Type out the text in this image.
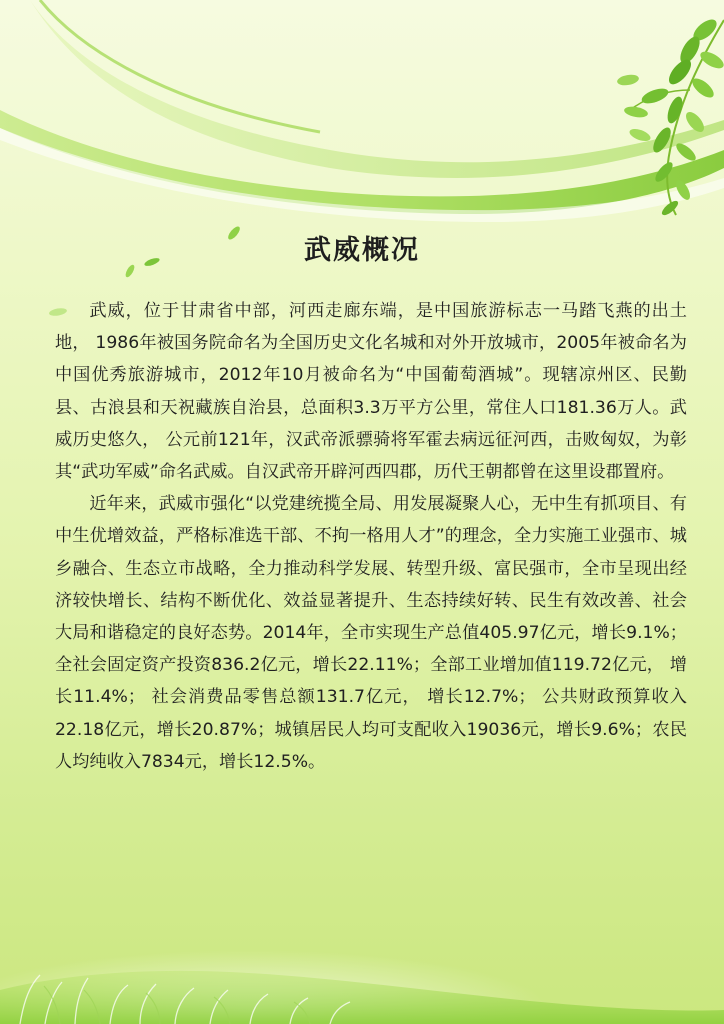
武威概况

武威，位于甘肃省中部，河西走廊东端，是中国旅游标志一马踏飞燕的出土地， 1986年被国务院命名为全国历史文化名城和对外开放城市，2005年被命名为中国优秀旅游城市，2012年10月被命名为“中国葡萄酒城”。现辖凉州区、民勤县、古浪县和天祝藏族自治县，总面积3.3万平方公里，常住人口181.36万人。武威历史悠久， 公元前121年，汉武帝派骠骑将军霍去病远征河西，击败匈奴，为彰其“武功军威”命名武威。自汉武帝开辟河西四郡，历代王朝都曾在这里设郡置府。

近年来，武威市强化“以党建统揽全局、用发展凝聚人心，无中生有抓项目、有中生优增效益，严格标准选干部、不拘一格用人才”的理念，全力实施工业强市、城乡融合、生态立市战略，全力推动科学发展、转型升级、富民强市，全市呈现出经济较快增长、结构不断优化、效益显著提升、生态持续好转、民生有效改善、社会大局和谐稳定的良好态势。2014年，全市实现生产总值405.97亿元，增长9.1%；全社会固定资产投资836.2亿元，增长22.11%；全部工业增加值119.72亿元， 增长11.4%； 社会消费品零售总额131.7亿元， 增长12.7%； 公共财政预算收入22.18亿元，增长20.87%；城镇居民人均可支配收入19036元，增长9.6%；农民人均纯收入7834元，增长12.5%。
